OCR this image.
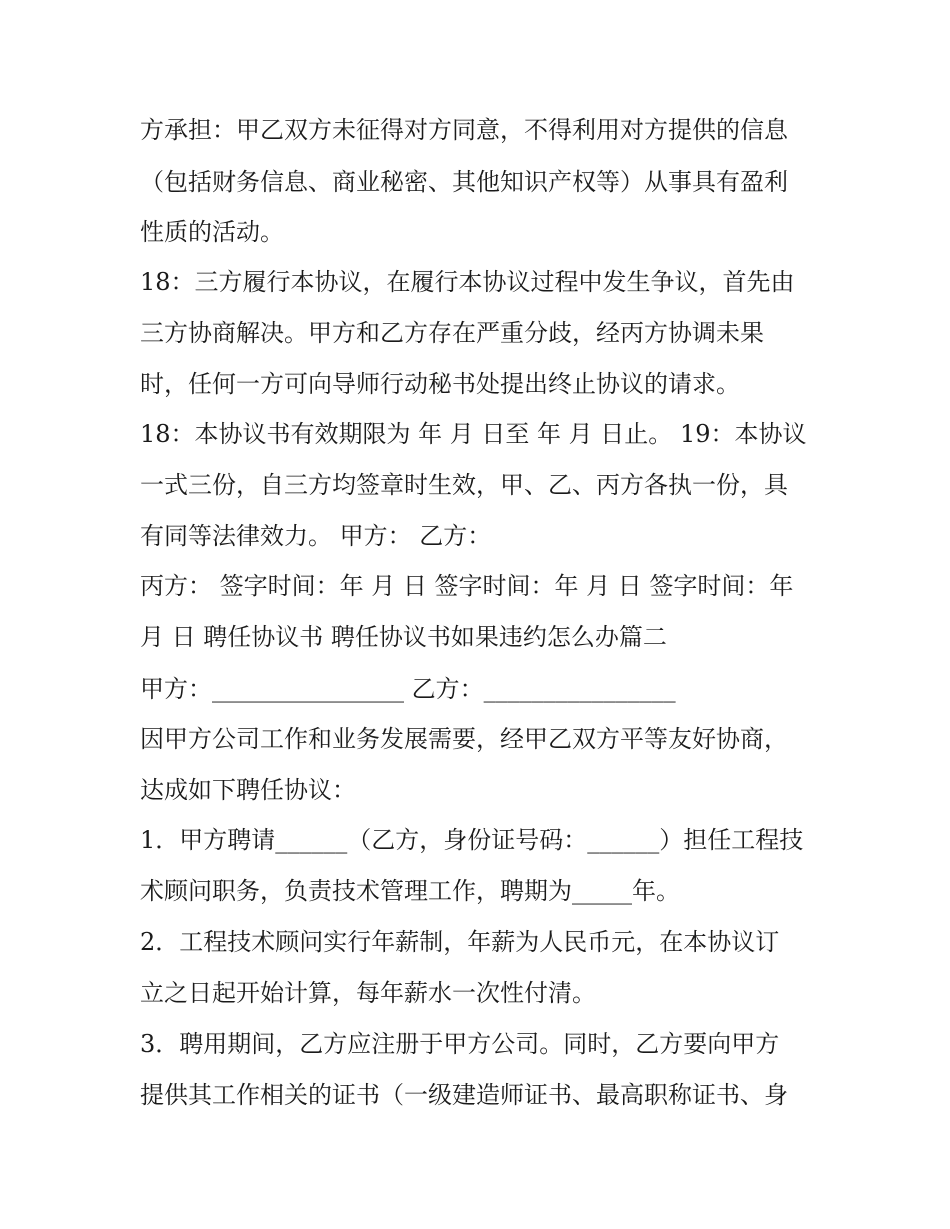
方承担：甲乙双方未征得对方同意，不得利用对方提供的信息
（包括财务信息、商业秘密、其他知识产权等）从事具有盈利
性质的活动。
18：三方履行本协议，在履行本协议过程中发生争议，首先由
三方协商解决。甲方和乙方存在严重分歧，经丙方协调未果
时，任何一方可向导师行动秘书处提出终止协议的请求。
18：本协议书有效期限为 年 月 日至 年 月 日止。 19：本协议
一式三份，自三方均签章时生效，甲、乙、丙方各执一份，具
有同等法律效力。 甲方： 乙方：
丙方： 签字时间：年 月 日 签字时间：年 月 日 签字时间：年
月 日 聘任协议书 聘任协议书如果违约怎么办篇二
甲方：________________ 乙方：________________
因甲方公司工作和业务发展需要，经甲乙双方平等友好协商，
达成如下聘任协议：
1．甲方聘请______（乙方，身份证号码：______）担任工程技
术顾问职务，负责技术管理工作，聘期为_____年。
2．工程技术顾问实行年薪制，年薪为人民币元，在本协议订
立之日起开始计算，每年薪水一次性付清。
3．聘用期间，乙方应注册于甲方公司。同时，乙方要向甲方
提供其工作相关的证书（一级建造师证书、最高职称证书、身
